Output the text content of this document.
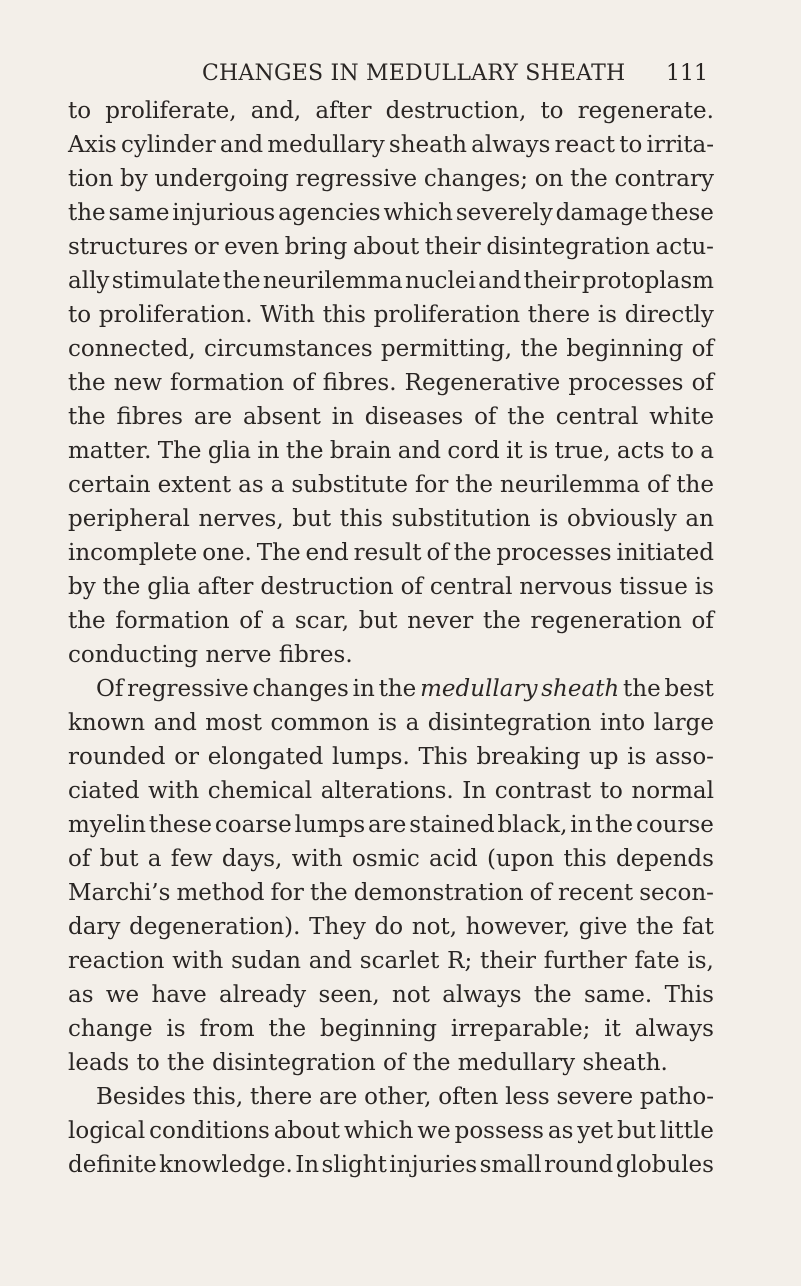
CHANGES IN MEDULLARY SHEATH 111
to proliferate, and, after destruction, to regenerate.
Axis cylinder and medullary sheath always react to irrita-
tion by undergoing regressive changes; on the contrary
the same injurious agencies which severely damage these
structures or even bring about their disintegration actu-
ally stimulate the neurilemma nuclei and their protoplasm
to proliferation. With this proliferation there is directly
connected, circumstances permitting, the beginning of
the new formation of fibres. Regenerative processes of
the fibres are absent in diseases of the central white
matter. The glia in the brain and cord it is true, acts to a
certain extent as a substitute for the neurilemma of the
peripheral nerves, but this substitution is obviously an
incomplete one. The end result of the processes initiated
by the glia after destruction of central nervous tissue is
the formation of a scar, but never the regeneration of
conducting nerve fibres.
Of regressive changes in the medullary sheath the best
known and most common is a disintegration into large
rounded or elongated lumps. This breaking up is asso-
ciated with chemical alterations. In contrast to normal
myelin these coarse lumps are stained black, in the course
of but a few days, with osmic acid (upon this depends
Marchi’s method for the demonstration of recent secon-
dary degeneration). They do not, however, give the fat
reaction with sudan and scarlet R; their further fate is,
as we have already seen, not always the same. This
change is from the beginning irreparable; it always
leads to the disintegration of the medullary sheath.
Besides this, there are other, often less severe patho-
logical conditions about which we possess as yet but little
definite knowledge. In slight injuries small round globules
